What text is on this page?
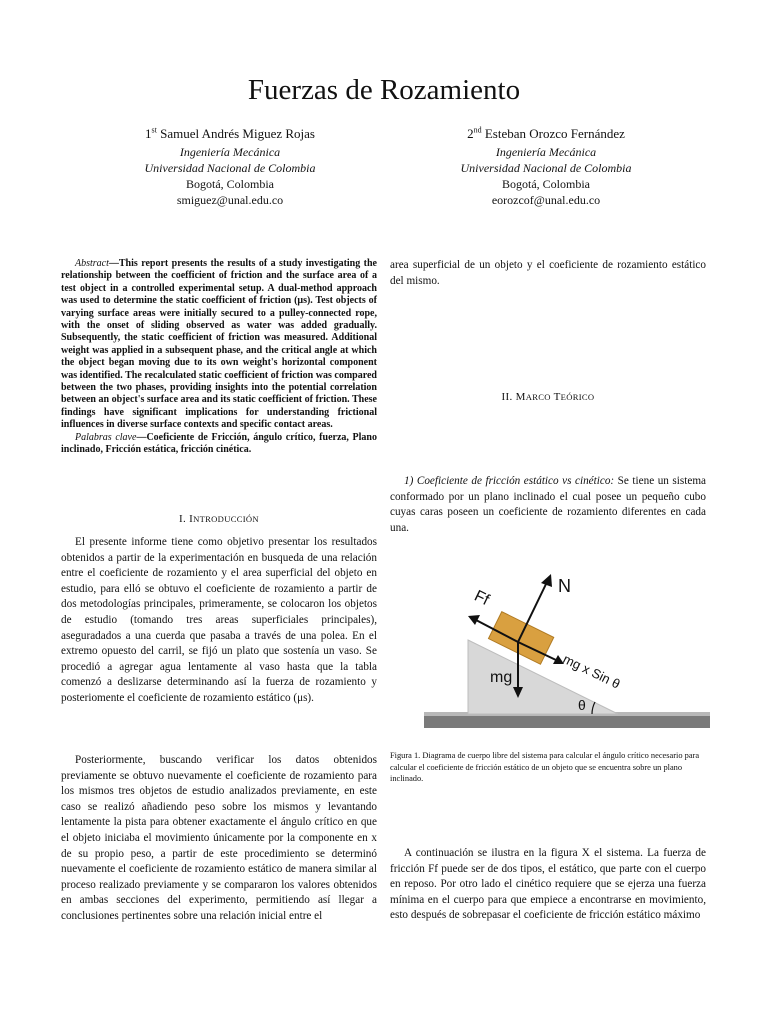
Fuerzas de Rozamiento
1st Samuel Andrés Miguez Rojas
Ingeniería Mecánica
Universidad Nacional de Colombia
Bogotá, Colombia
smiguez@unal.edu.co
2nd Esteban Orozco Fernández
Ingeniería Mecánica
Universidad Nacional de Colombia
Bogotá, Colombia
eorozcof@unal.edu.co

Abstract—This report presents the results of a study investigating the relationship between the coefficient of friction and the surface area of a test object in a controlled experimental setup. A dual-method approach was used to determine the static coefficient of friction (μs). Test objects of varying surface areas were initially secured to a pulley-connected rope, with the onset of sliding observed as water was added gradually. Subsequently, the static coefficient of friction was measured. Additional weight was applied in a subsequent phase, and the critical angle at which the object began moving due to its own weight's horizontal component was identified. The recalculated static coefficient of friction was compared between the two phases, providing insights into the potential correlation between an object's surface area and its static coefficient of friction. These findings have significant implications for understanding frictional influences in diverse surface contexts and specific contact areas.

Palabras clave—Coeficiente de Fricción, ángulo crítico, fuerza, Plano inclinado, Fricción estática, fricción cinética.

I. INTRODUCCIÓN

El presente informe tiene como objetivo presentar los resultados obtenidos a partir de la experimentación en busqueda de una relación entre el coeficiente de rozamiento y el area superficial del objeto en estudio, para elló se obtuvo el coeficiente de rozamiento a partir de dos metodologías principales, primeramente, se colocaron los objetos de estudio (tomando tres areas superficiales principales), aseguradados a una cuerda que pasaba a través de una polea. En el extremo opuesto del carril, se fijó un plato que sostenía un vaso. Se procedió a agregar agua lentamente al vaso hasta que la tabla comenzó a deslizarse determinando así la fuerza de rozamiento y posteriomente el coeficiente de rozamiento estático (μs).

Posteriormente, buscando verificar los datos obtenidos previamente se obtuvo nuevamente el coeficiente de rozamiento para los mismos tres objetos de estudio analizados previamente, en este caso se realizó añadiendo peso sobre los mismos y levantando lentamente la pista para obtener exactamente el ángulo crítico en que el objeto iniciaba el movimiento únicamente por la componente en x de su propio peso, a partir de este procedimiento se determinó nuevamente el coeficiente de rozamiento estático de manera similar al proceso realizado previamente y se compararon los valores obtenidos en ambas secciones del experimento, permitiendo así llegar a conclusiones pertinentes sobre una relación inicial entre el

area superficial de un objeto y el coeficiente de rozamiento estático del mismo.

II. MARCO TEÓRICO

1) Coeficiente de fricción estático vs cinético: Se tiene un sistema conformado por un plano inclinado el cual posee un pequeño cubo cuyas caras poseen un coeficiente de rozamiento diferentes en cada una.

Ff
N
mg	mg x Sin θ
θ

Figura 1. Diagrama de cuerpo libre del sistema para calcular el ángulo crítico necesario para calcular el coeficiente de fricción estático de un objeto que se encuentra sobre un plano inclinado.

A continuación se ilustra en la figura X el sistema. La fuerza de fricción Ff puede ser de dos tipos, el estático, que parte con el cuerpo en reposo. Por otro lado el cinético requiere que se ejerza una fuerza mínima en el cuerpo para que empiece a encontrarse en movimiento, esto después de sobrepasar el coeficiente de fricción estático máximo
